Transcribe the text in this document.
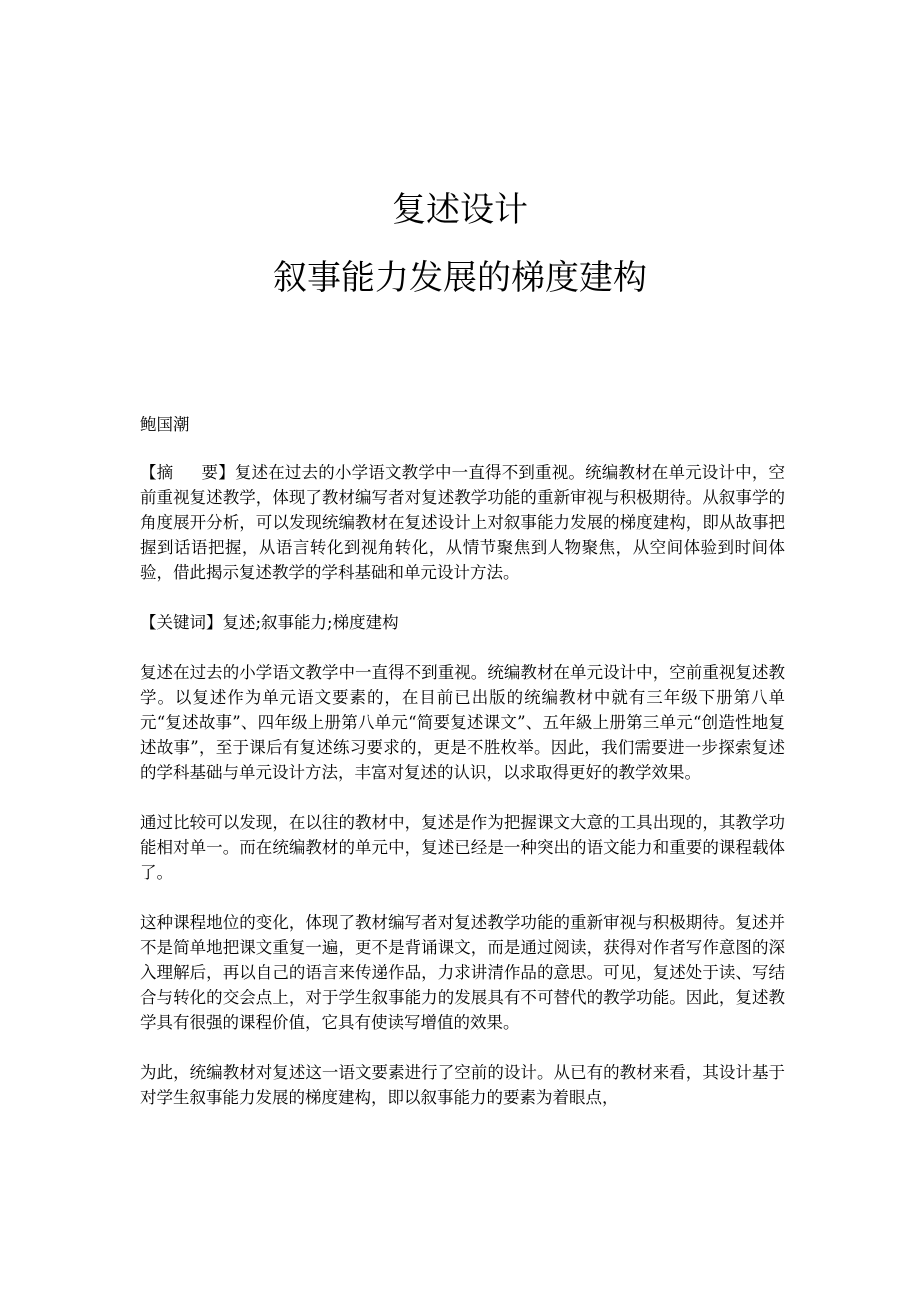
复述设计
叙事能力发展的梯度建构

鲍国潮

【摘 要】复述在过去的小学语文教学中一直得不到重视。统编教材在单元设计中，空前重视复述教学，体现了教材编写者对复述教学功能的重新审视与积极期待。从叙事学的角度展开分析，可以发现统编教材在复述设计上对叙事能力发展的梯度建构，即从故事把握到话语把握，从语言转化到视角转化，从情节聚焦到人物聚焦，从空间体验到时间体验，借此揭示复述教学的学科基础和单元设计方法。

【关键词】复述;叙事能力;梯度建构

复述在过去的小学语文教学中一直得不到重视。统编教材在单元设计中，空前重视复述教学。以复述作为单元语文要素的，在目前已出版的统编教材中就有三年级下册第八单元“复述故事”、四年级上册第八单元“简要复述课文”、五年級上册第三单元“创造性地复述故事”，至于课后有复述练习要求的，更是不胜枚举。因此，我们需要进一步探索复述的学科基础与单元设计方法，丰富对复述的认识，以求取得更好的教学效果。

通过比较可以发现，在以往的教材中，复述是作为把握课文大意的工具出现的，其教学功能相对单一。而在统编教材的单元中，复述已经是一种突出的语文能力和重要的课程载体了。

这种课程地位的变化，体现了教材编写者对复述教学功能的重新审视与积极期待。复述并不是简单地把课文重复一遍，更不是背诵课文，而是通过阅读，获得对作者写作意图的深入理解后，再以自己的语言来传递作品，力求讲清作品的意思。可见，复述处于读、写结合与转化的交会点上，对于学生叙事能力的发展具有不可替代的教学功能。因此，复述教学具有很强的课程价值，它具有使读写增值的效果。

为此，统编教材对复述这一语文要素进行了空前的设计。从已有的教材来看，其设计基于对学生叙事能力发展的梯度建构，即以叙事能力的要素为着眼点，
